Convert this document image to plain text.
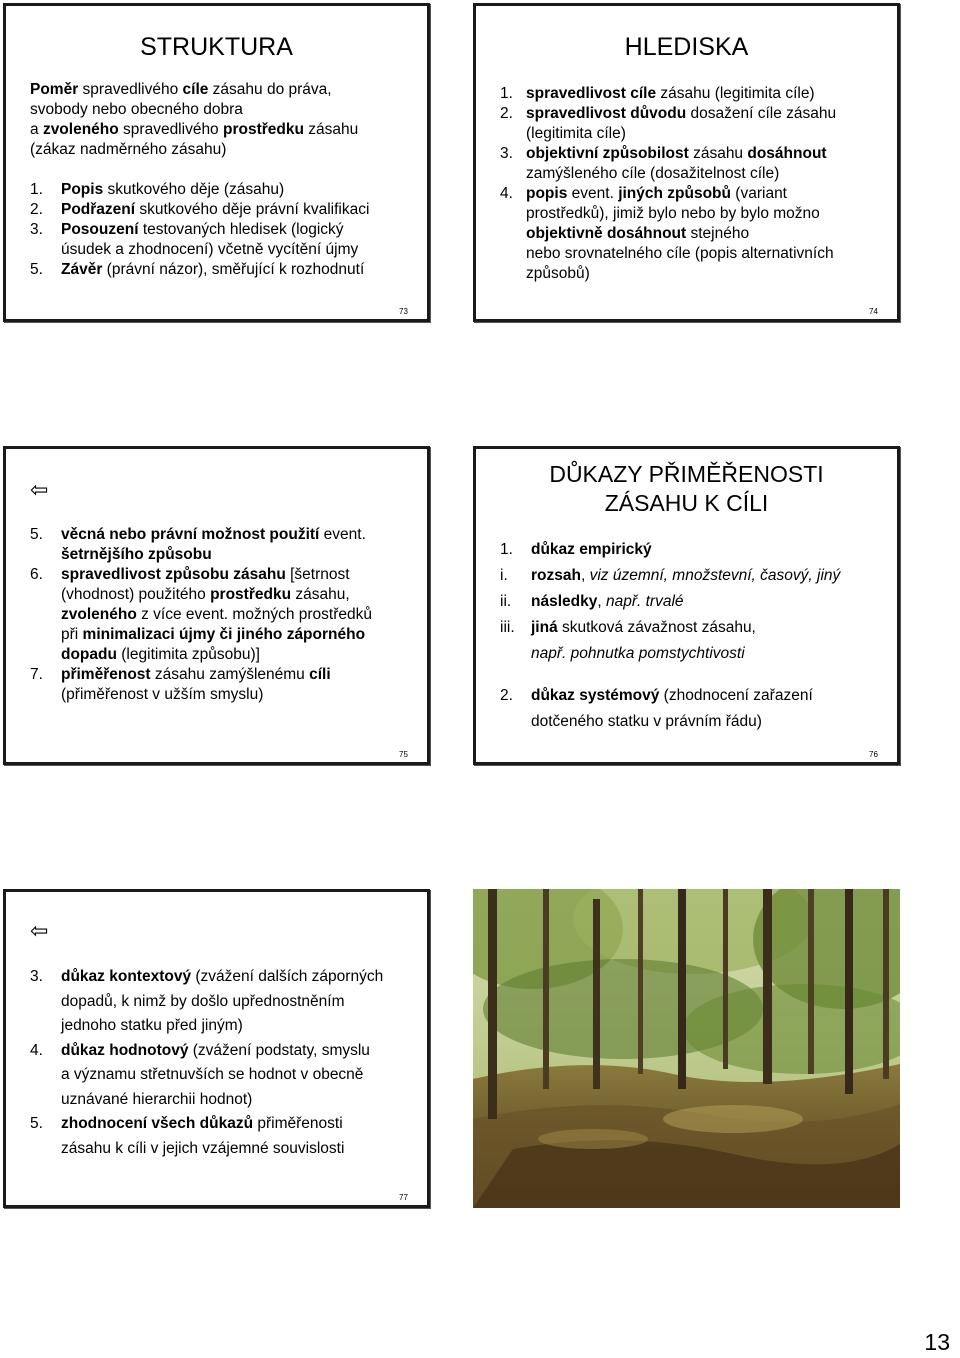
STRUKTURA
Poměr spravedlivého cíle zásahu do práva,
svobody nebo obecného dobra
a zvoleného spravedlivého prostředku zásahu
(zákaz nadměrného zásahu)
1. Popis skutkového děje (zásahu)
2. Podřazení skutkového děje právní kvalifikaci
3. Posouzení testovaných hledisek (logický
úsudek a zhodnocení) včetně vycítění újmy
5. Závěr (právní názor), směřující k rozhodnutí
73
HLEDISKA
1. spravedlivost cíle zásahu (legitimita cíle)
2. spravedlivost důvodu dosažení cíle zásahu
(legitimita cíle)
3. objektivní způsobilost zásahu dosáhnout
zamýšleného cíle (dosažitelnost cíle)
4. popis event. jiných způsobů (variant
prostředků), jimiž bylo nebo by bylo možno
objektivně dosáhnout stejného
nebo srovnatelného cíle (popis alternativních
způsobů)
74
⇦
5. věcná nebo právní možnost použití event.
šetrnějšího způsobu
6. spravedlivost způsobu zásahu [šetrnost
(vhodnost) použitého prostředku zásahu,
zvoleného z více event. možných prostředků
při minimalizaci újmy či jiného záporného
dopadu (legitimita způsobu)]
7. přiměřenost zásahu zamýšlenému cíli
(přiměřenost v užším smyslu)
75
DŮKAZY PŘIMĚŘENOSTI
ZÁSAHU K CÍLI
1. důkaz empirický
i. rozsah, viz územní, množstevní, časový, jiný
ii. následky, např. trvalé
iii. jiná skutková závažnost zásahu,
např. pohnutka pomstychtivosti
2. důkaz systémový (zhodnocení zařazení
dotčeného statku v právním řádu)
76
⇦
3. důkaz kontextový (zvážení dalších záporných
dopadů, k nimž by došlo upřednostněním
jednoho statku před jiným)
4. důkaz hodnotový (zvážení podstaty, smyslu
a významu střetnuvších se hodnot v obecně
uznávané hierarchii hodnot)
5. zhodnocení všech důkazů přiměřenosti
zásahu k cíli v jejich vzájemné souvislosti
77
13
